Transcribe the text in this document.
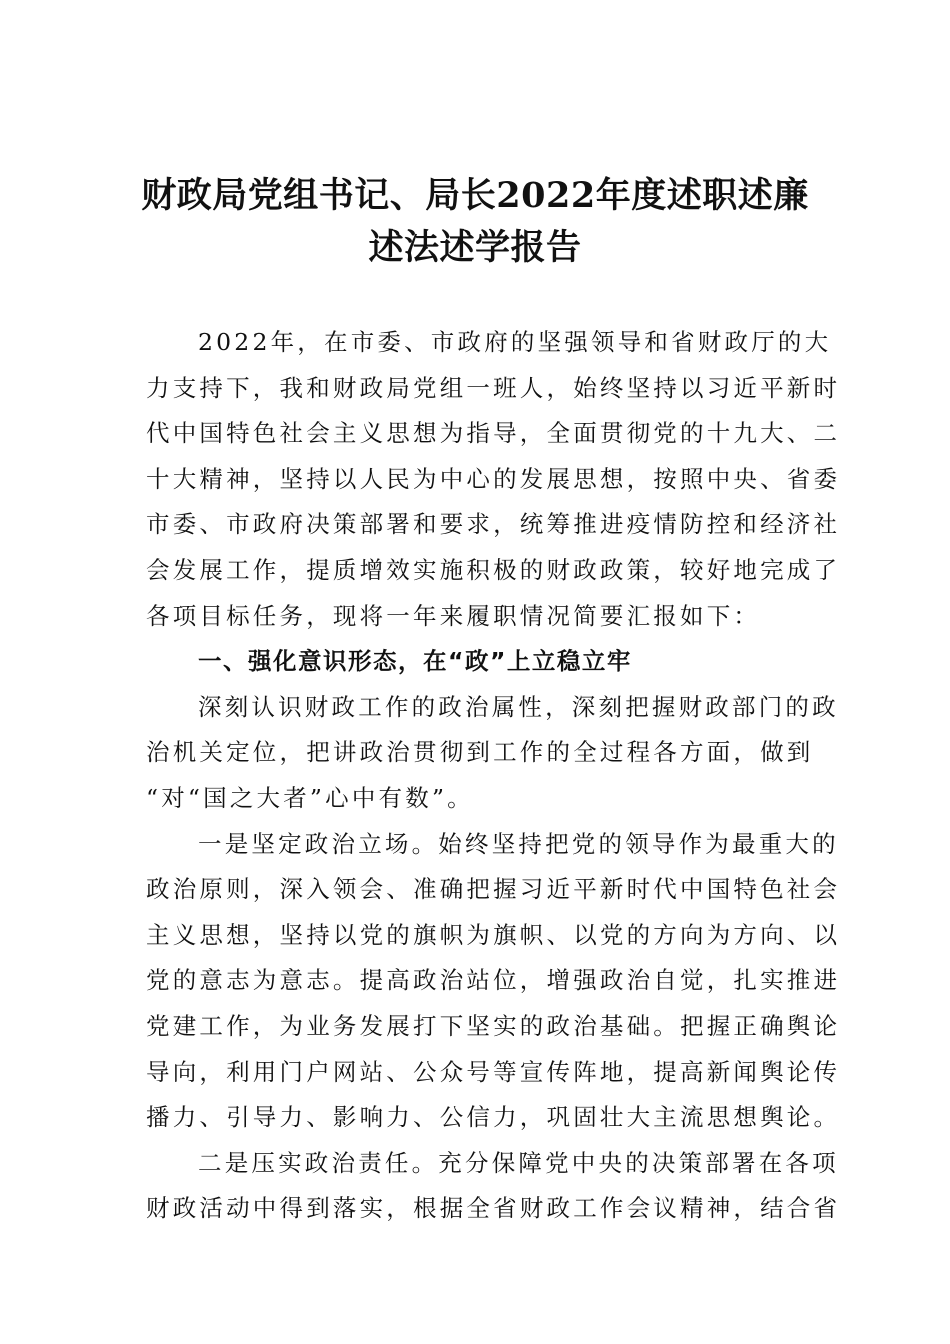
财政局党组书记、局长2022年度述职述廉
述法述学报告
2022年，在市委、市政府的坚强领导和省财政厅的大
力支持下，我和财政局党组一班人，始终坚持以习近平新时
代中国特色社会主义思想为指导，全面贯彻党的十九大、二
十大精神，坚持以人民为中心的发展思想，按照中央、省委
市委、市政府决策部署和要求，统筹推进疫情防控和经济社
会发展工作，提质增效实施积极的财政政策，较好地完成了
各项目标任务，现将一年来履职情况简要汇报如下：
一、强化意识形态，在“政”上立稳立牢
深刻认识财政工作的政治属性，深刻把握财政部门的政
治机关定位，把讲政治贯彻到工作的全过程各方面，做到
“对“国之大者”心中有数”。
一是坚定政治立场。始终坚持把党的领导作为最重大的
政治原则，深入领会、准确把握习近平新时代中国特色社会
主义思想，坚持以党的旗帜为旗帜、以党的方向为方向、以
党的意志为意志。提高政治站位，增强政治自觉，扎实推进
党建工作，为业务发展打下坚实的政治基础。把握正确舆论
导向，利用门户网站、公众号等宣传阵地，提高新闻舆论传
播力、引导力、影响力、公信力，巩固壮大主流思想舆论。
二是压实政治责任。充分保障党中央的决策部署在各项
财政活动中得到落实，根据全省财政工作会议精神，结合省
